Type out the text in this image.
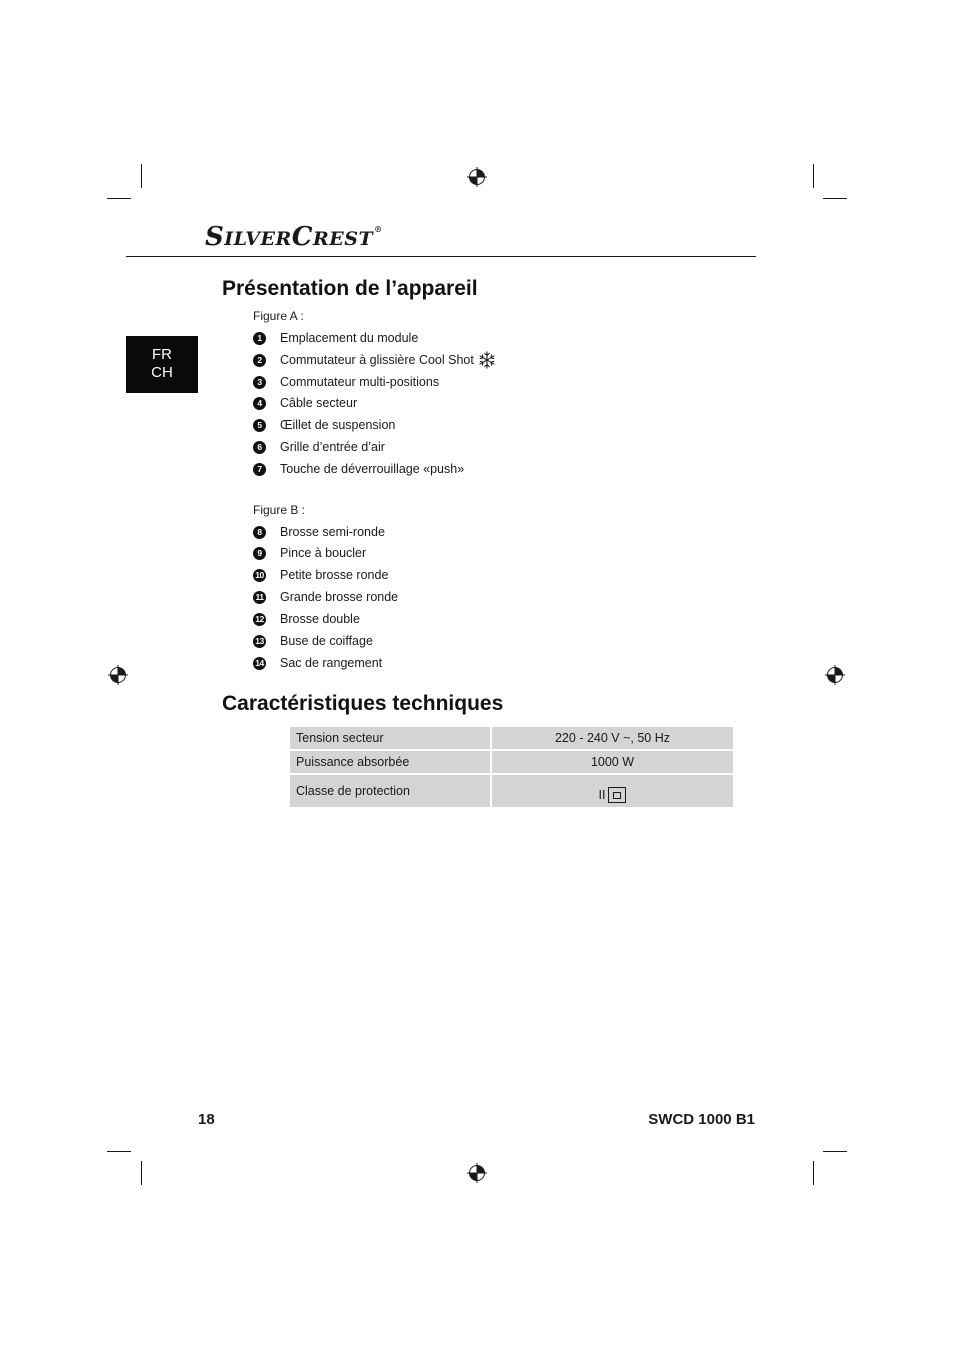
SILVERCREST®
FR
CH
Présentation de l’appareil
Figure A :
1	Emplacement du module
2	Commutateur à glissière Cool Shot
3	Commutateur multi-positions
4	Câble secteur
5	Œillet de suspension
6	Grille d’entrée d’air
7	Touche de déverrouillage «push»
Figure B :
8	Brosse semi-ronde
9	Pince à boucler
10 Petite brosse ronde
11 Grande brosse ronde
12 Brosse double
13 Buse de coiffage
14 Sac de rangement
Caractéristiques techniques
Tension secteur	220 - 240 V ~, 50 Hz
Puissance absorbée	1000 W
Classe de protection	II
18	SWCD 1000 B1
